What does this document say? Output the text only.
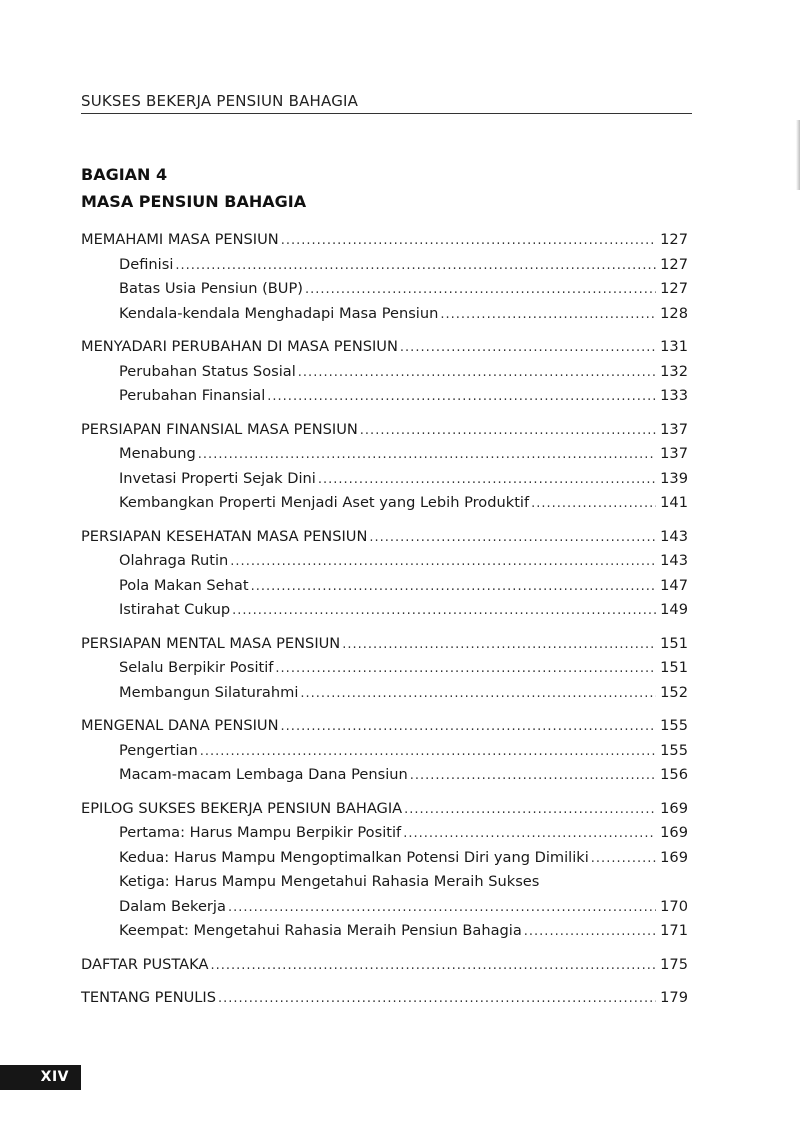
SUKSES BEKERJA PENSIUN BAHAGIA
BAGIAN 4
MASA PENSIUN BAHAGIA
MEMAHAMI MASA PENSIUN .....	127
Definisi .....	127
Batas Usia Pensiun (BUP) .....	127
Kendala-kendala Menghadapi Masa Pensiun .....	128
MENYADARI PERUBAHAN DI MASA PENSIUN .....	131
Perubahan Status Sosial .....	132
Perubahan Finansial .....	133
PERSIAPAN FINANSIAL MASA PENSIUN .....	137
Menabung .....	137
Invetasi Properti Sejak Dini .....	139
Kembangkan Properti Menjadi Aset yang Lebih Produktif .....	141
PERSIAPAN KESEHATAN MASA PENSIUN .....	143
Olahraga Rutin .....	143
Pola Makan Sehat .....	147
Istirahat Cukup .....	149
PERSIAPAN MENTAL MASA PENSIUN .....	151
Selalu Berpikir Positif .....	151
Membangun Silaturahmi .....	152
MENGENAL DANA PENSIUN .....	155
Pengertian .....	155
Macam-macam Lembaga Dana Pensiun .....	156
EPILOG SUKSES BEKERJA PENSIUN BAHAGIA .....	169
Pertama: Harus Mampu Berpikir Positif .....	169
Kedua: Harus Mampu Mengoptimalkan Potensi Diri yang Dimiliki .....	169
Ketiga: Harus Mampu Mengetahui Rahasia Meraih Sukses
Dalam Bekerja .....	170
Keempat: Mengetahui Rahasia Meraih Pensiun Bahagia .....	171
DAFTAR PUSTAKA .....	175
TENTANG PENULIS .....	179
XIV
